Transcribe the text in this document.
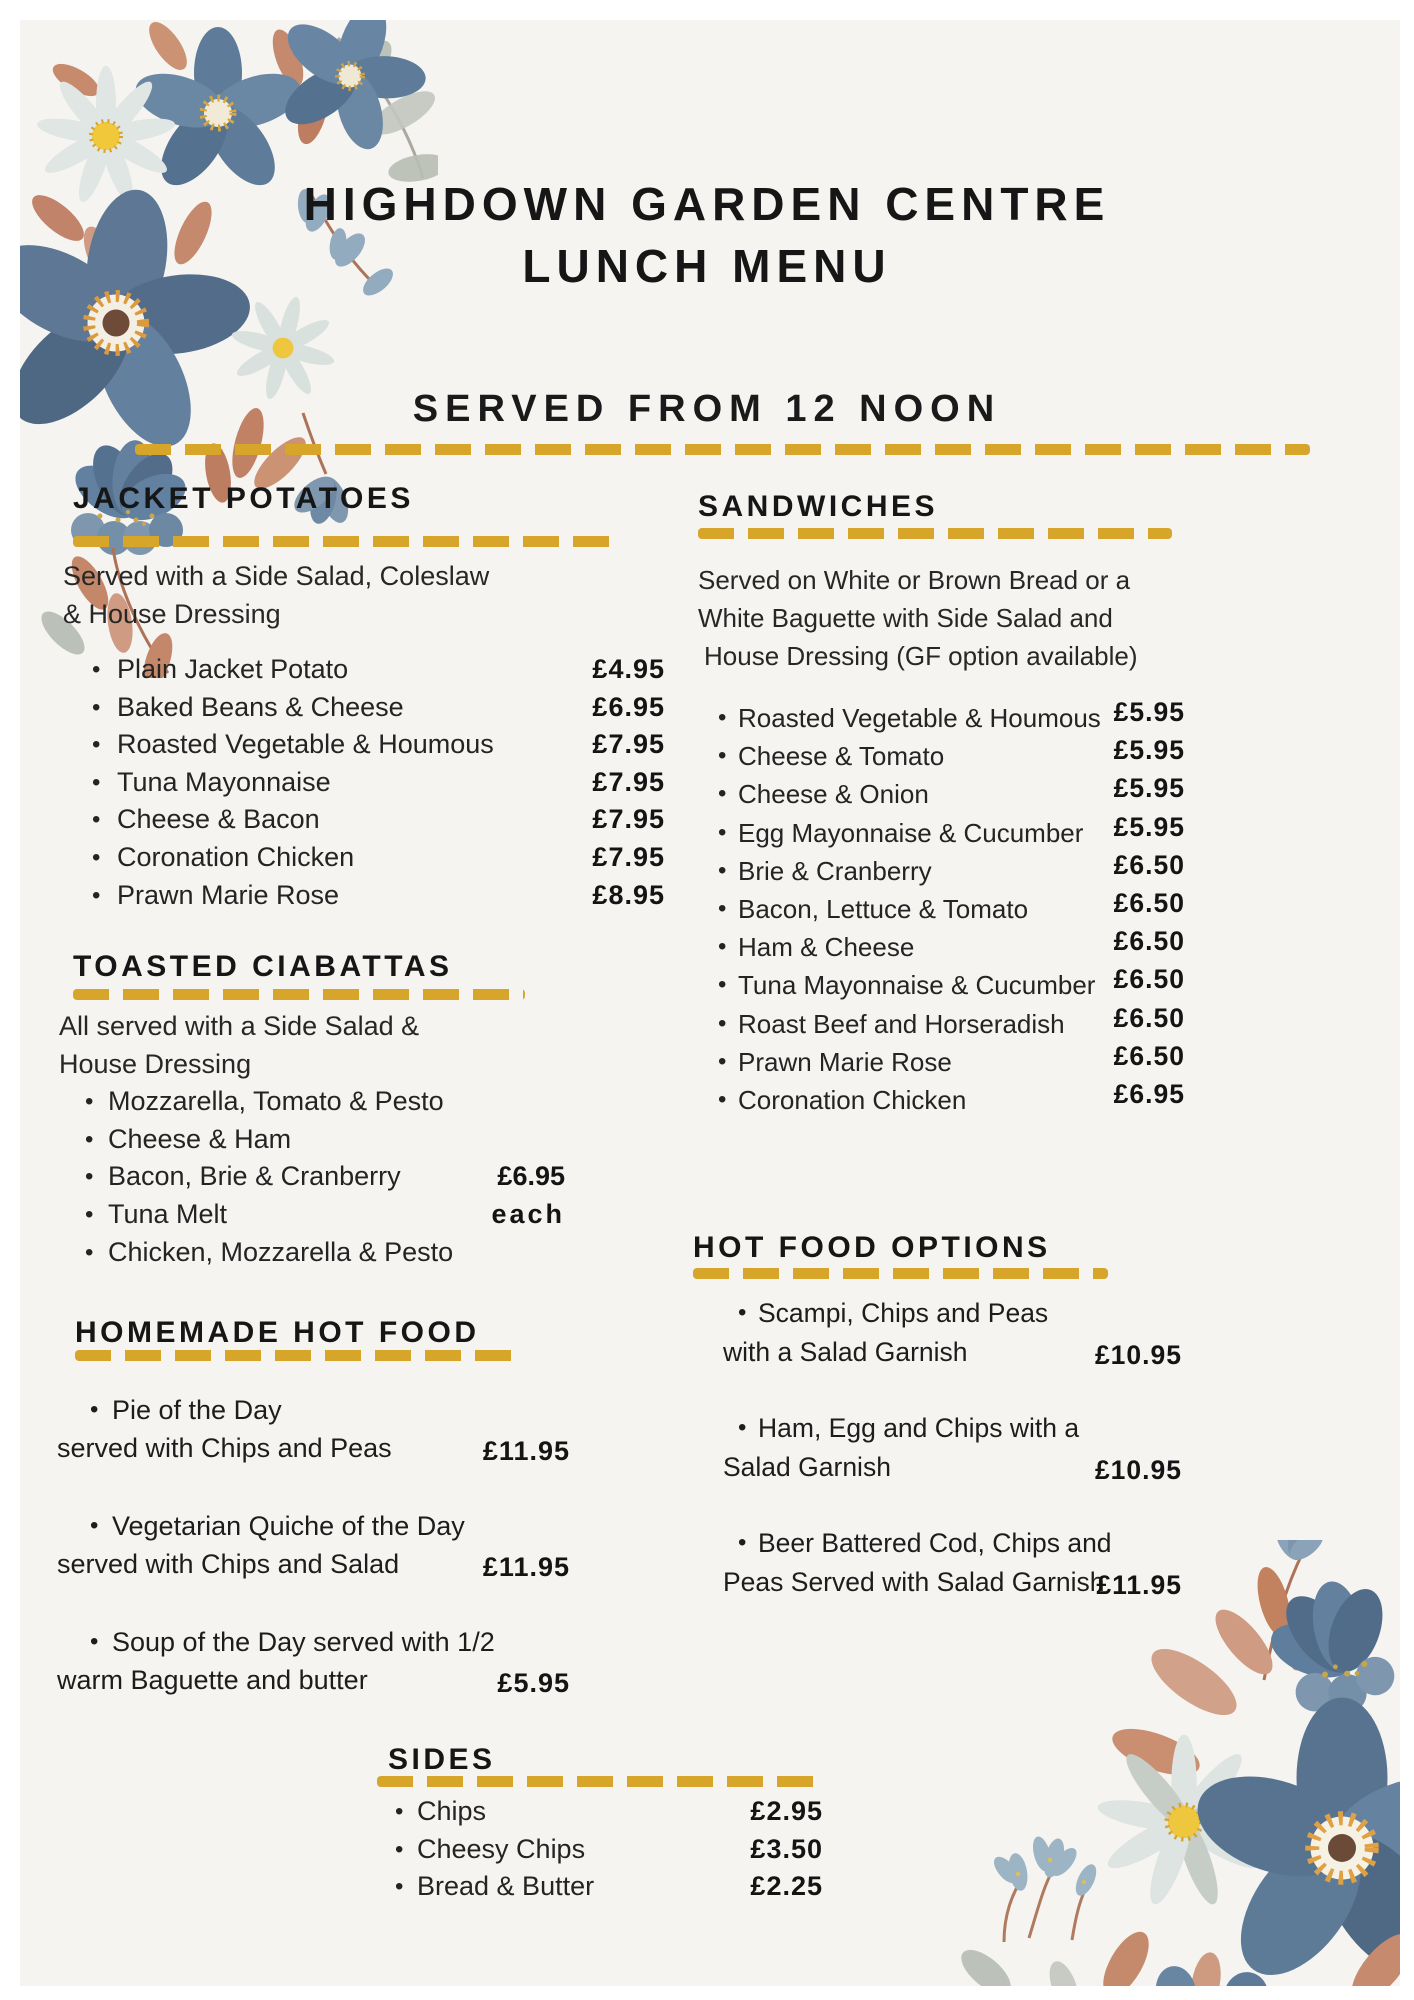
HIGHDOWN GARDEN CENTRE
LUNCH MENU
SERVED FROM 12 NOON
JACKET POTATOES
Served with a Side Salad, Coleslaw
& House Dressing
• Plain Jacket Potato	£4.95
• Baked Beans & Cheese	£6.95
• Roasted Vegetable & Houmous	£7.95
• Tuna Mayonnaise	£7.95
• Cheese & Bacon	£7.95
• Coronation Chicken	£7.95
• Prawn Marie Rose	£8.95
TOASTED CIABATTAS
All served with a Side Salad &
House Dressing
• Mozzarella, Tomato & Pesto
• Cheese & Ham
• Bacon, Brie & Cranberry
• Tuna Melt
• Chicken, Mozzarella & Pesto
£6.95
each
HOMEMADE HOT FOOD
• Pie of the Day
served with Chips and Peas	£11.95
• Vegetarian Quiche of the Day
served with Chips and Salad	£11.95
• Soup of the Day served with 1/2
warm Baguette and butter	£5.95
SANDWICHES
Served on White or Brown Bread or a
White Baguette with Side Salad and
House Dressing (GF option available)
• Roasted Vegetable & Houmous £5.95
• Cheese & Tomato	£5.95
• Cheese & Onion	£5.95
• Egg Mayonnaise & Cucumber	£5.95
• Brie & Cranberry	£6.50
• Bacon, Lettuce & Tomato	£6.50
• Ham & Cheese	£6.50
• Tuna Mayonnaise & Cucumber £6.50
• Roast Beef and Horseradish	£6.50
• Prawn Marie Rose	£6.50
• Coronation Chicken	£6.95
HOT FOOD OPTIONS
• Scampi, Chips and Peas
with a Salad Garnish	£10.95
• Ham, Egg and Chips with a
Salad Garnish	£10.95
• Beer Battered Cod, Chips and
Peas Served with Salad Garnish
£11.95
SIDES
• Chips	£2.95
• Cheesy Chips	£3.50
• Bread & Butter	£2.25
